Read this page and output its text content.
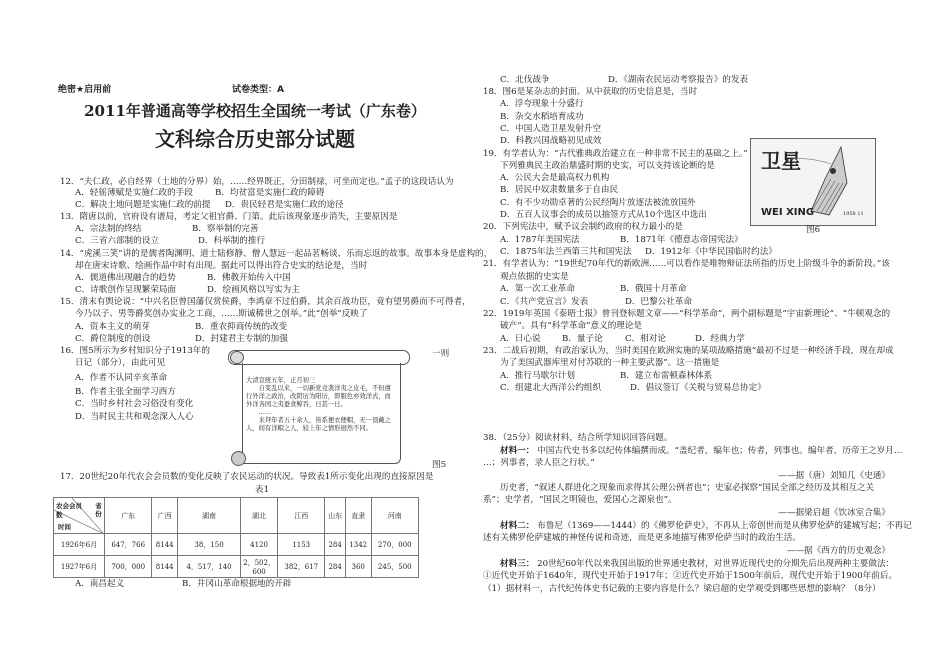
绝密★启用前	试卷类型：A
2011年普通高等学校招生全国统一考试（广东卷）
文科综合历史部分试题
12．“夫仁政，必自经界（土地的分界）始，……经界既正，分田制禄，可坐而定也。”孟子的这段话认为
A．轻徭薄赋是实施仁政的手段	B．均贫富是实施仁政的障碍
C．解决土地问题是实施仁政的前提 D．贵民轻君是实施仁政的途径
13．隋唐以前，官府设有谱局，考定父祖官爵、门第。此后该现象逐步消失，主要原因是
A．宗法制的终结	B．察举制的完善
C．三省六部制的设立	D．科举制的推行
14．“虎溪三笑”讲的是儒者陶渊明、道士陆修静、僧人慧远一起品茗畅谈、乐而忘返的故事。故事本身是虚构的，
却在唐宋诗歌、绘画作品中时有出现。据此可以得出符合史实的结论是，当时
A．儒道佛出现融合的趋势	B．佛教开始传入中国
C．诗歌创作呈现繁荣局面	D．绘画风格以写实为主
15．清末有舆论说：“中兴名臣曾国藩仅赏侯爵，李鸿章不过伯爵，其余百战功臣，竟有望男爵而不可得者，
今乃以子、男等爵奖创办实业之工商，……斯诚稀世之创举。”此“创举”反映了
A．资本主义的萌芽	B．重农抑商传统的改变
C．爵位制度的创设	D．封建君主专制的加强
16．图5所示为乡村知识分子1913年的	一则
日记（部分），由此可见
A．作者不认同辛亥革命
B．作者主张全面学习西方
C．当时乡村社会习俗没有变化
D．当时民主共和观念深入人心
大清宣统五年，正月初三
　　自变乱以来，一切新党竞袭洋夷之皮毛，不但遵行外洋之政治，改阴历为阳历，即服色亦效洋式，而外洋各国之夷蚕食鲸吞，日甚一日。
　　……
　　来拜年者五十余人，皆系便衣便帽，无一顶戴之人，间有洋帽之人，较上年之情形迥然不同。
图5
17．20世纪20年代农会会员数的变化反映了农民运动的状况。导致表1所示变化出现的直接原因是
表1
省份
农会会员数
时间	广东	广西	湖南	湖北	江西	山东	直隶	河南
1926年6月	647，766	8144	38，150	4120	1153	284	1342	270，000
1927年6月	700，000	8144	4，517，140	2，502，600	382，617	284	360	245，500
A．南昌起义	B．井冈山革命根据地的开辟
C．北伐战争	D．《湖南农民运动考察报告》的发表
18．图6是某杂志的封面。从中获取的历史信息是，当时
A．浮夸现象十分盛行
B．杂交水稻培育成功
C．中国人造卫星发射升空
D．科教兴国战略初见成效
卫星
WEI XING	1958 11
图6
19．有学者认为：“古代雅典政治建立在一种非常不民主的基础之上。”
下列雅典民主政治鼎盛时期的史实，可以支持该论断的是
A．公民大会是最高权力机构
B．居民中奴隶数量多于自由民
C．有不少功勋卓著的公民经陶片放逐法被流放国外
D．五百人议事会的成员以抽签方式从10个选区中选出
20．下列宪法中，赋予议会制约政府的权力最小的是
A．1787年美国宪法	B．1871年《德意志帝国宪法》
C．1875年法兰西第三共和国宪法 D．1912年《中华民国临时约法》
21．有学者认为：“19世纪70年代的新欧洲……可以看作是唯物辩证法所指的历史上阶级斗争的新阶段。”该
观点依据的史实是
A．第一次工业革命	B．俄国十月革命
C．《共产党宣言》发表	D．巴黎公社革命
22．1919年英国《泰晤士报》曾刊登标题文章——“科学革命”，两个副标题是“宇宙新理论”、“牛顿观念的
破产”。具有“科学革命”意义的理论是
A．日心说 B．量子论	C．相对论	D．经典力学
23．二战后初期，有政治家认为，当时美国在欧洲实施的某项战略措施“最初不过是一种经济手段，现在却成
为了美国武器库里对付苏联的一种主要武器”。这一措施是
A．推行马歇尔计划	B．建立布雷顿森林体系
C．组建北大西洋公约组织	D．倡议签订《关税与贸易总协定》
38．（25分）阅读材料，结合所学知识回答问题。
材料一： 中国古代史书多以纪传体编撰而成。“盖纪者，编年也；传者，列事也。编年者，历帝王之岁月…
…；列事者，录人臣之行状。”
——据（唐）刘知几《史通》
历史者，“叙述人群进化之现象而求得其公理公例者也”；史家必探察“国民全部之经历及其相互之关
系”；史学者，“国民之明镜也，爱国心之源泉也”。
——据梁启超《饮冰室合集》
材料二： 布鲁尼（1369——1444）的《佛罗伦萨史》，不再从上帝创世而是从佛罗伦萨的建城写起；不再记
述有关佛罗伦萨建城的神怪传说和奇迹，而是更多地描写佛罗伦萨当时的政治生活。
——据《西方的历史观念》
材料三： 20世纪60年代以来我国出版的世界通史教材，对世界近现代史的分期先后出现两种主要做法：
①近代史开始于1640年，现代史开始于1917年；②近代史开始于1500年前后，现代史开始于1900年前后。
（1）据材料一，古代纪传体史书记载的主要内容是什么？梁启超的史学观受到哪些思想的影响？（8分）
